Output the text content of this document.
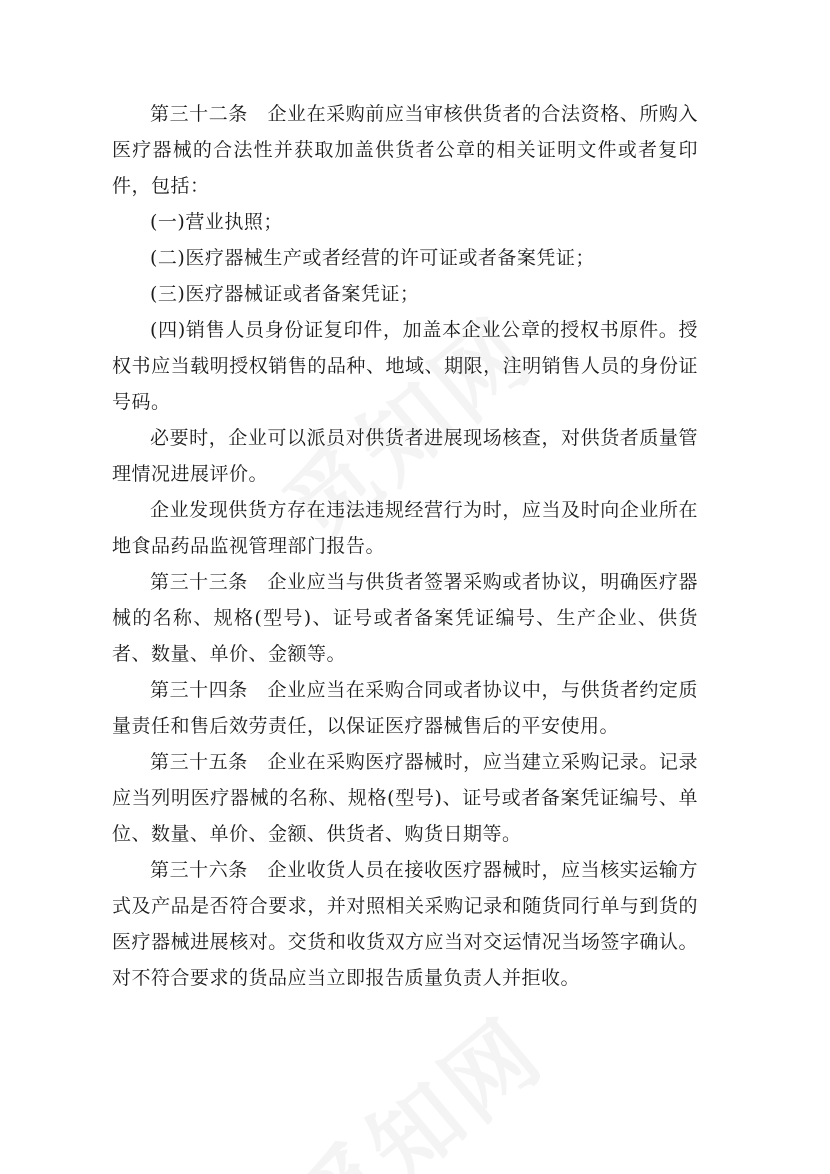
第三十二条　企业在采购前应当审核供货者的合法资格、所购入医疗器械的合法性并获取加盖供货者公章的相关证明文件或者复印件，包括：

(一)营业执照；

(二)医疗器械生产或者经营的许可证或者备案凭证；

(三)医疗器械证或者备案凭证；

(四)销售人员身份证复印件，加盖本企业公章的授权书原件。授权书应当载明授权销售的品种、地域、期限，注明销售人员的身份证号码。

必要时，企业可以派员对供货者进展现场核查，对供货者质量管理情况进展评价。

企业发现供货方存在违法违规经营行为时，应当及时向企业所在地食品药品监视管理部门报告。

第三十三条　企业应当与供货者签署采购或者协议，明确医疗器械的名称、规格(型号)、证号或者备案凭证编号、生产企业、供货者、数量、单价、金额等。

第三十四条　企业应当在采购合同或者协议中，与供货者约定质量责任和售后效劳责任，以保证医疗器械售后的平安使用。

第三十五条　企业在采购医疗器械时，应当建立采购记录。记录应当列明医疗器械的名称、规格(型号)、证号或者备案凭证编号、单位、数量、单价、金额、供货者、购货日期等。

第三十六条　企业收货人员在接收医疗器械时，应当核实运输方式及产品是否符合要求，并对照相关采购记录和随货同行单与到货的医疗器械进展核对。交货和收货双方应当对交运情况当场签字确认。对不符合要求的货品应当立即报告质量负责人并拒收。
